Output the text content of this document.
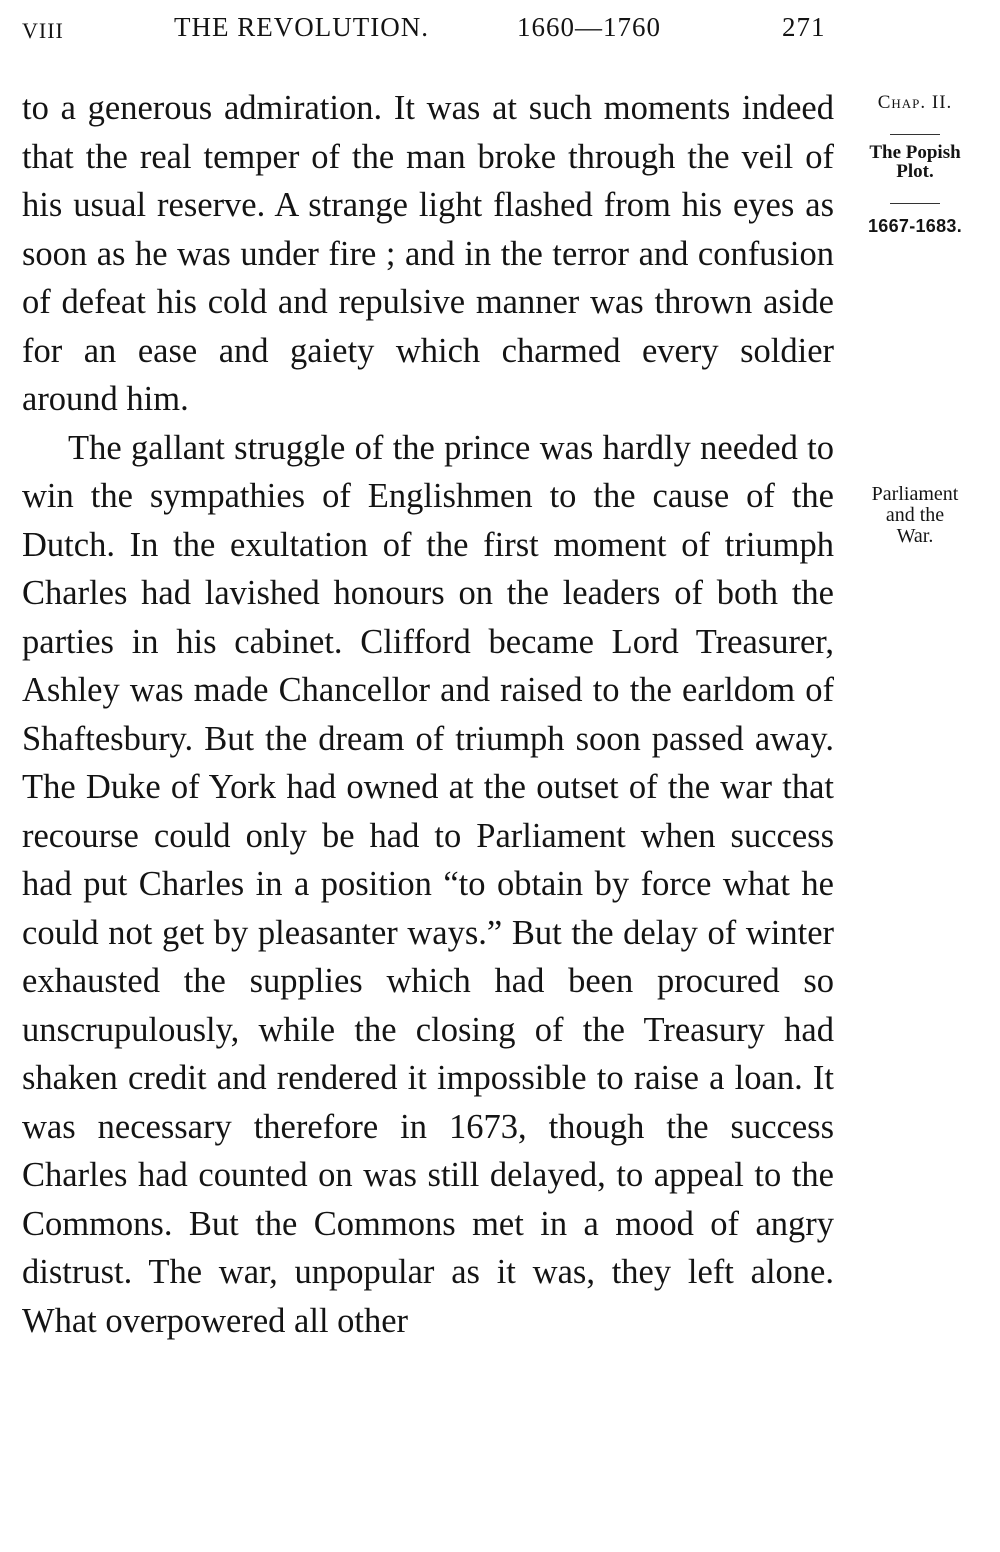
VIII	THE REVOLUTION.	1660—1760	271

to a generous admiration. It was at such moments indeed that the real temper of the man broke through the veil of his usual reserve. A strange light flashed from his eyes as soon as he was under fire ; and in the terror and confusion of defeat his cold and repulsive manner was thrown aside for an ease and gaiety which charmed every soldier around him.

The gallant struggle of the prince was hardly needed to win the sympathies of Englishmen to the cause of the Dutch. In the exultation of the first moment of triumph Charles had lavished honours on the leaders of both the parties in his cabinet. Clifford became Lord Treasurer, Ashley was made Chancellor and raised to the earldom of Shaftesbury. But the dream of triumph soon passed away. The Duke of York had owned at the outset of the war that recourse could only be had to Parliament when success had put Charles in a position “to obtain by force what he could not get by pleasanter ways.” But the delay of winter exhausted the supplies which had been procured so unscrupulously, while the closing of the Treasury had shaken credit and rendered it impossible to raise a loan. It was necessary therefore in 1673, though the success Charles had counted on was still delayed, to appeal to the Commons. But the Commons met in a mood of angry distrust. The war, unpopular as it was, they left alone. What overpowered all other

Chap. II.
The Popish
Plot.
1667-1683.
Parliament
and the
War.
